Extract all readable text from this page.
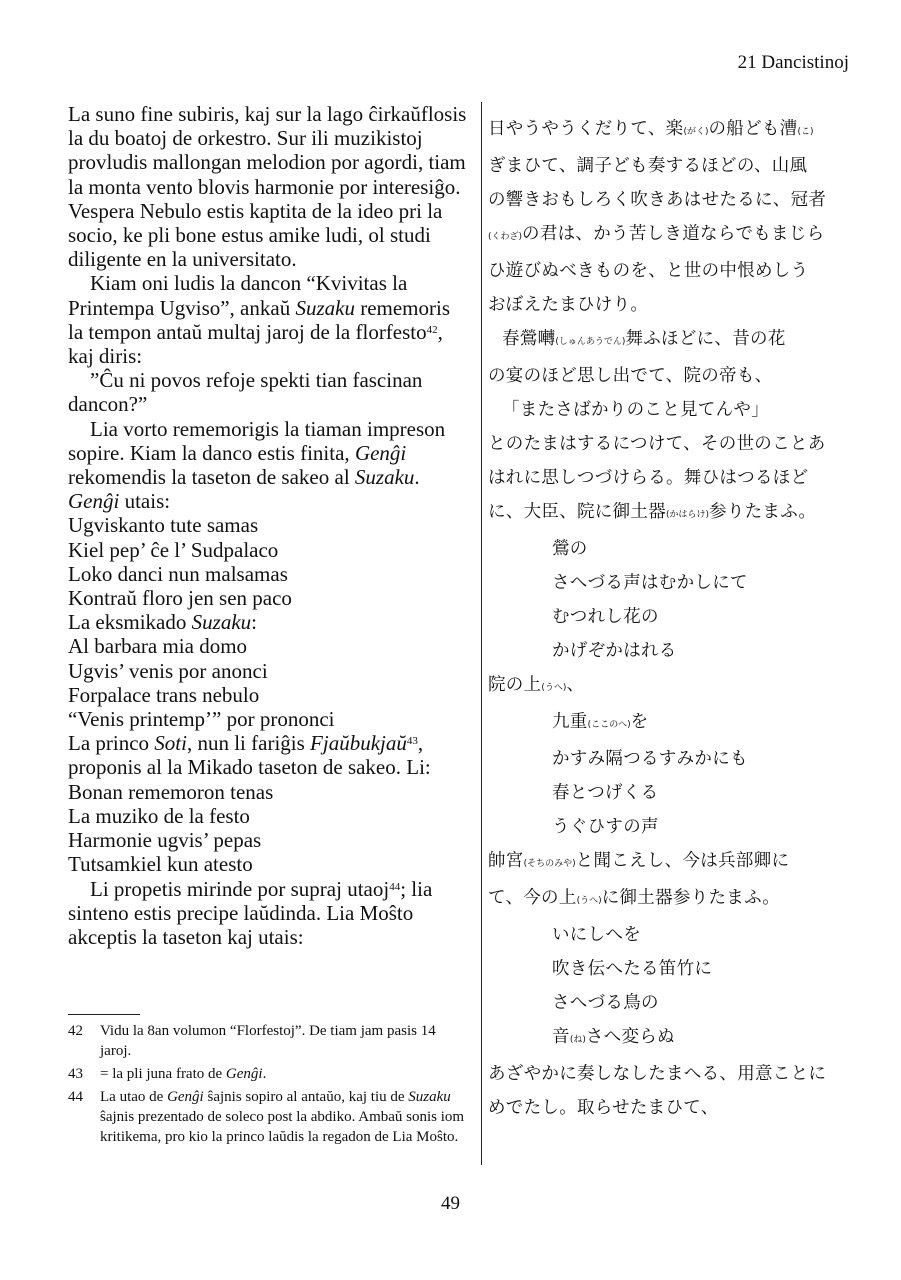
21 Dancistinoj

La suno fine subiris, kaj sur la lago ĉirkaŭflosis la du boatoj de orkestro. Sur ili muzikistoj provludis mallongan melodion por agordi, tiam la monta vento blovis harmonie por interesiĝo. Vespera Nebulo estis kaptita de la ideo pri la socio, ke pli bone estus amike ludi, ol studi diligente en la universitato.

Kiam oni ludis la dancon “Kvivitas la Printempa Ugviso”, ankaŭ Suzaku rememoris la tempon antaŭ multaj jaroj de la florfesto$^{42}$, kaj diris:

”Ĉu ni povos refoje spekti tian fascinan dancon?”

Lia vorto rememorigis la tiaman impreson sopire. Kiam la danco estis finita, Genĝi rekomendis la taseton de sakeo al Suzaku. Genĝi utais:

Ugviskanto tute samas

Kiel pep’ ĉe l’ Sudpalaco

Loko danci nun malsamas

Kontraŭ floro jen sen paco

La eksmikado Suzaku:

Al barbara mia domo

Ugvis’ venis por anonci

Forpalace trans nebulo

“Venis printemp’” por prononci

La princo Soti, nun li fariĝis Fjaŭbukjaŭ$^{43}$, proponis al la Mikado taseton de sakeo. Li:

Bonan rememoron tenas

La muziko de la festo

Harmonie ugvis’ pepas

Tutsamkiel kun atesto

Li propetis mirinde por supraj utaoj$^{44}$; lia sinteno estis precipe laŭdinda. Lia Moŝto akceptis la taseton kaj utais:

42	Vidu la 8an volumon “Florfestoj”. De tiam jam pasis 14 jaroj.
43	= la pli juna frato de Genĝi.
44	La utao de Genĝi ŝajnis sopiro al antaŭo, kaj tiu de Suzaku ŝajnis prezentado de soleco post la abdiko. Ambaŭ sonis iom kritikema, pro kio la princo laŭdis la regadon de Lia Moŝto.

日やうやうくだりて、楽(がく)の船ども漕(こ)

ぎまひて、調子ども奏するほどの、山風

の響きおもしろく吹きあはせたるに、冠者

(くわざ)の君は、かう苦しき道ならでもまじら

ひ遊びぬべきものを、と世の中恨めしう

おぼえたまひけり。

春鶯囀(しゅんあうでん)舞ふほどに、昔の花

の宴のほど思し出でて、院の帝も、

「またさばかりのこと見てんや」

とのたまはするにつけて、その世のことあ

はれに思しつづけらる。舞ひはつるほど

に、大臣、院に御土器(かはらけ)参りたまふ。

鶯の

さへづる声はむかしにて

むつれし花の

かげぞかはれる

院の上(うへ)、

九重(ここのへ)を

かすみ隔つるすみかにも

春とつげくる

うぐひすの声

帥宮(そちのみや)と聞こえし、今は兵部卿に

て、今の上(うへ)に御土器参りたまふ。

いにしへを

吹き伝へたる笛竹に

さへづる鳥の

音(ね)さへ変らぬ

あざやかに奏しなしたまへる、用意ことに

めでたし。取らせたまひて、

49
